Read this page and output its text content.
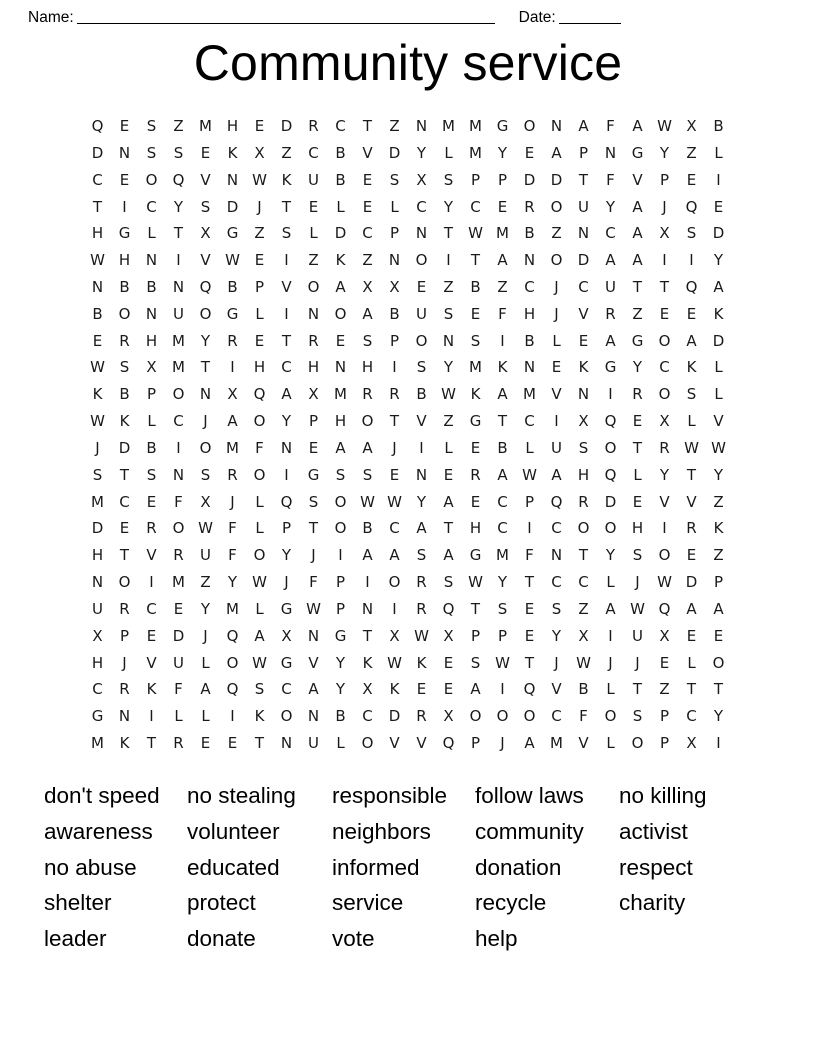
Name:	Date:
Community service
Q	E	S	Z	M H	E	D	R	C	T	Z	N M M G	O	N	A	F	A W X	B
D	N	S	S	E	K	X	Z	C	B	V	D	Y	L	M	Y	E	A	P	N	G	Y	Z	L
C	E	O	Q	V	N W K	U	B	E	S	X	S	P	P	D	D	T	F	V	P	E	I
T	I	C	Y	S	D	J	T	E	L	E	L	C	Y	C	E	R	O	U	Y	A	J	Q	E
H	G	L	T	X	G	Z	S	L	D	C	P	N	T	W M	B	Z	N	C	A	X	S	D
W H	N	I	V W E	I	Z	K	Z	N	O	I	T	A	N	O	D	A	A	I	I	Y
N	B	B	N	Q	B	P	V	O	A	X	X	E	Z	B	Z	C	J	C	U	T	T	Q	A
B	O	N	U	O	G	L	I	N	O	A	B	U	S	E	F	H	J	V	R	Z	E	E	K
E	R	H M	Y	R	E	T	R	E	S	P	O	N	S	I	B	L	E	A	G	O	A	D
W S	X	M	T	I	H	C	H	N	H	I	S	Y	M	K	N	E	K	G	Y	C	K	L
K	B	P	O	N	X	Q	A	X	M	R	R	B W K	A	M	V	N	I	R	O	S	L
W K	L	C	J	A	O	Y	P	H	O	T	V	Z	G	T	C	I	X	Q	E	X	L	V
J	D	B	I	O M	F	N	E	A	A	J	I	L	E	B	L	U	S	O	T	R W W
S	T	S	N	S	R	O	I	G	S	S	E	N	E	R	A W A	H	Q	L	Y	T	Y
M	C	E	F	X	J	L	Q	S	O W W Y	A	E	C	P	Q	R	D	E	V	V	Z
D	E	R	O W	F	L	P	T	O	B	C	A	T	H	C	I	C	O	O	H	I	R	K
H	T	V	R	U	F	O	Y	J	I	A	A	S	A	G M	F	N	T	Y	S	O	E	Z
N	O	I	M	Z	Y	W	J	F	P	I	O	R	S W Y	T	C	C	L	J	W D	P
U	R	C	E	Y	M	L	G W	P	N	I	R	Q	T	S	E	S	Z	A W Q	A	A
X	P	E	D	J	Q	A	X	N	G	T	X W X	P	P	E	Y	X	I	U	X	E	E
H	J	V	U	L	O W G	V	Y	K W K	E	S W T	J	W	J	J	E	L	O
C	R	K	F	A	Q	S	C	A	Y	X	K	E	E	A	I	Q	V	B	L	T	Z	T	T
G	N	I	L	L	I	K	O	N	B	C	D	R	X	O	O	O	C	F	O	S	P	C	Y
M	K	T	R	E	E	T	N	U	L	O	V	V	Q	P	J	A	M	V	L	O	P	X	I
don't speed
awareness
no abuse
shelter
leader
no stealing
volunteer
educated
protect
donate
responsible
neighbors
informed
service
vote
follow laws
community
donation
recycle
help
no killing
activist
respect
charity
